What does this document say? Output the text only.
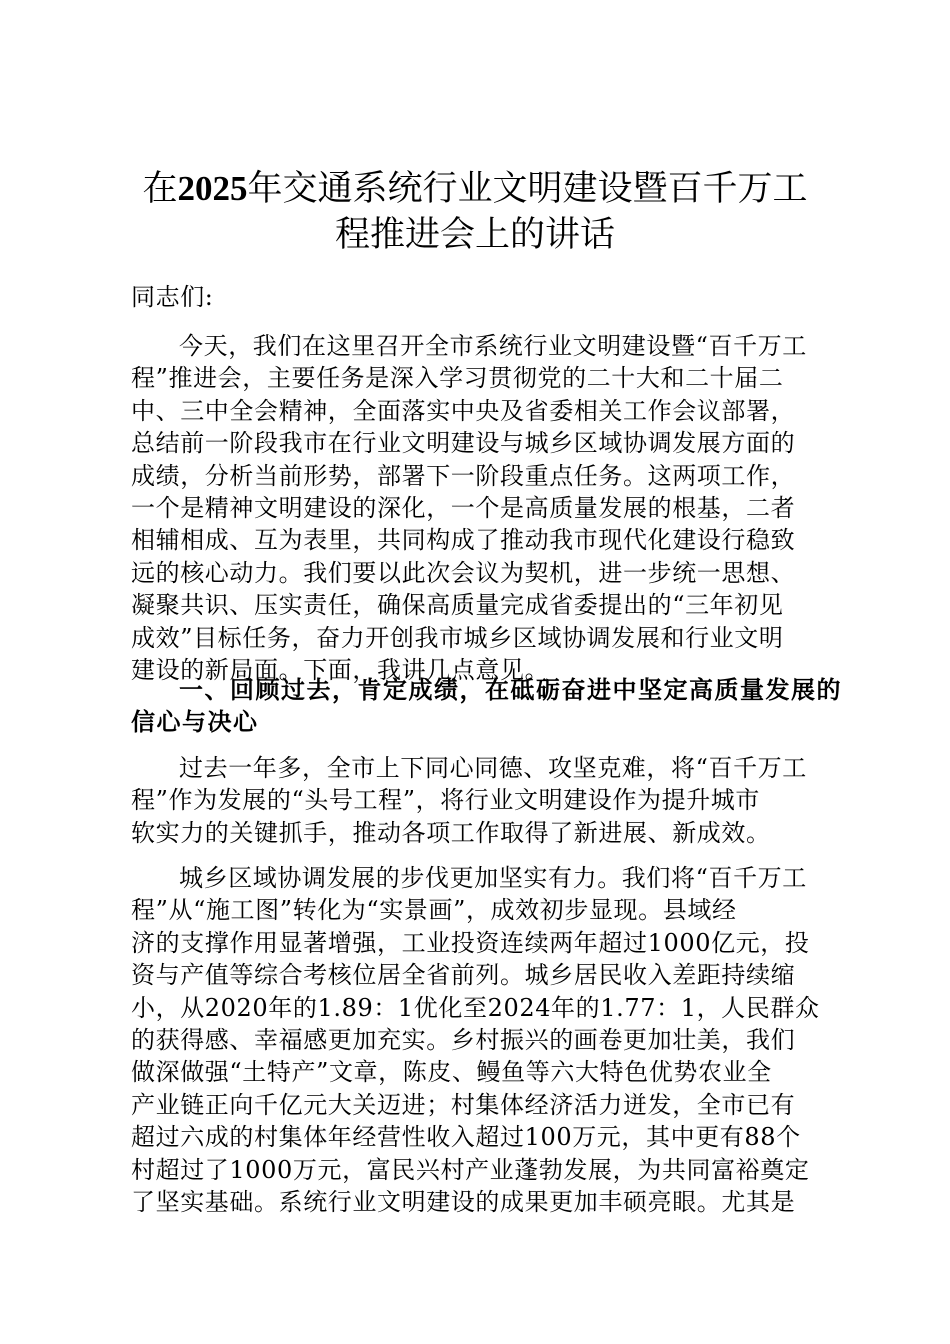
在2025年交通系统行业文明建设暨百千万工
程推进会上的讲话

同志们:

今天，我们在这里召开全市系统行业文明建设暨“百千万工
程”推进会，主要任务是深入学习贯彻党的二十大和二十届二
中、三中全会精神，全面落实中央及省委相关工作会议部署，
总结前一阶段我市在行业文明建设与城乡区域协调发展方面的
成绩，分析当前形势，部署下一阶段重点任务。这两项工作，
一个是精神文明建设的深化，一个是高质量发展的根基，二者
相辅相成、互为表里，共同构成了推动我市现代化建设行稳致
远的核心动力。我们要以此次会议为契机，进一步统一思想、
凝聚共识、压实责任，确保高质量完成省委提出的“三年初见
成效”目标任务，奋力开创我市城乡区域协调发展和行业文明
建设的新局面。下面，我讲几点意见。
一、回顾过去，肯定成绩，在砥砺奋进中坚定高质量发展的
信心与决心
过去一年多，全市上下同心同德、攻坚克难，将“百千万工
程”作为发展的“头号工程”，将行业文明建设作为提升城市
软实力的关键抓手，推动各项工作取得了新进展、新成效。
城乡区域协调发展的步伐更加坚实有力。我们将“百千万工
程”从“施工图”转化为“实景画”，成效初步显现。县域经
济的支撑作用显著增强，工业投资连续两年超过1000亿元，投
资与产值等综合考核位居全省前列。城乡居民收入差距持续缩
小，从2020年的1.89：1优化至2024年的1.77：1，人民群众
的获得感、幸福感更加充实。乡村振兴的画卷更加壮美，我们
做深做强“土特产”文章，陈皮、鳗鱼等六大特色优势农业全
产业链正向千亿元大关迈进；村集体经济活力迸发，全市已有
超过六成的村集体年经营性收入超过100万元，其中更有88个
村超过了1000万元，富民兴村产业蓬勃发展，为共同富裕奠定
了坚实基础。系统行业文明建设的成果更加丰硕亮眼。尤其是
